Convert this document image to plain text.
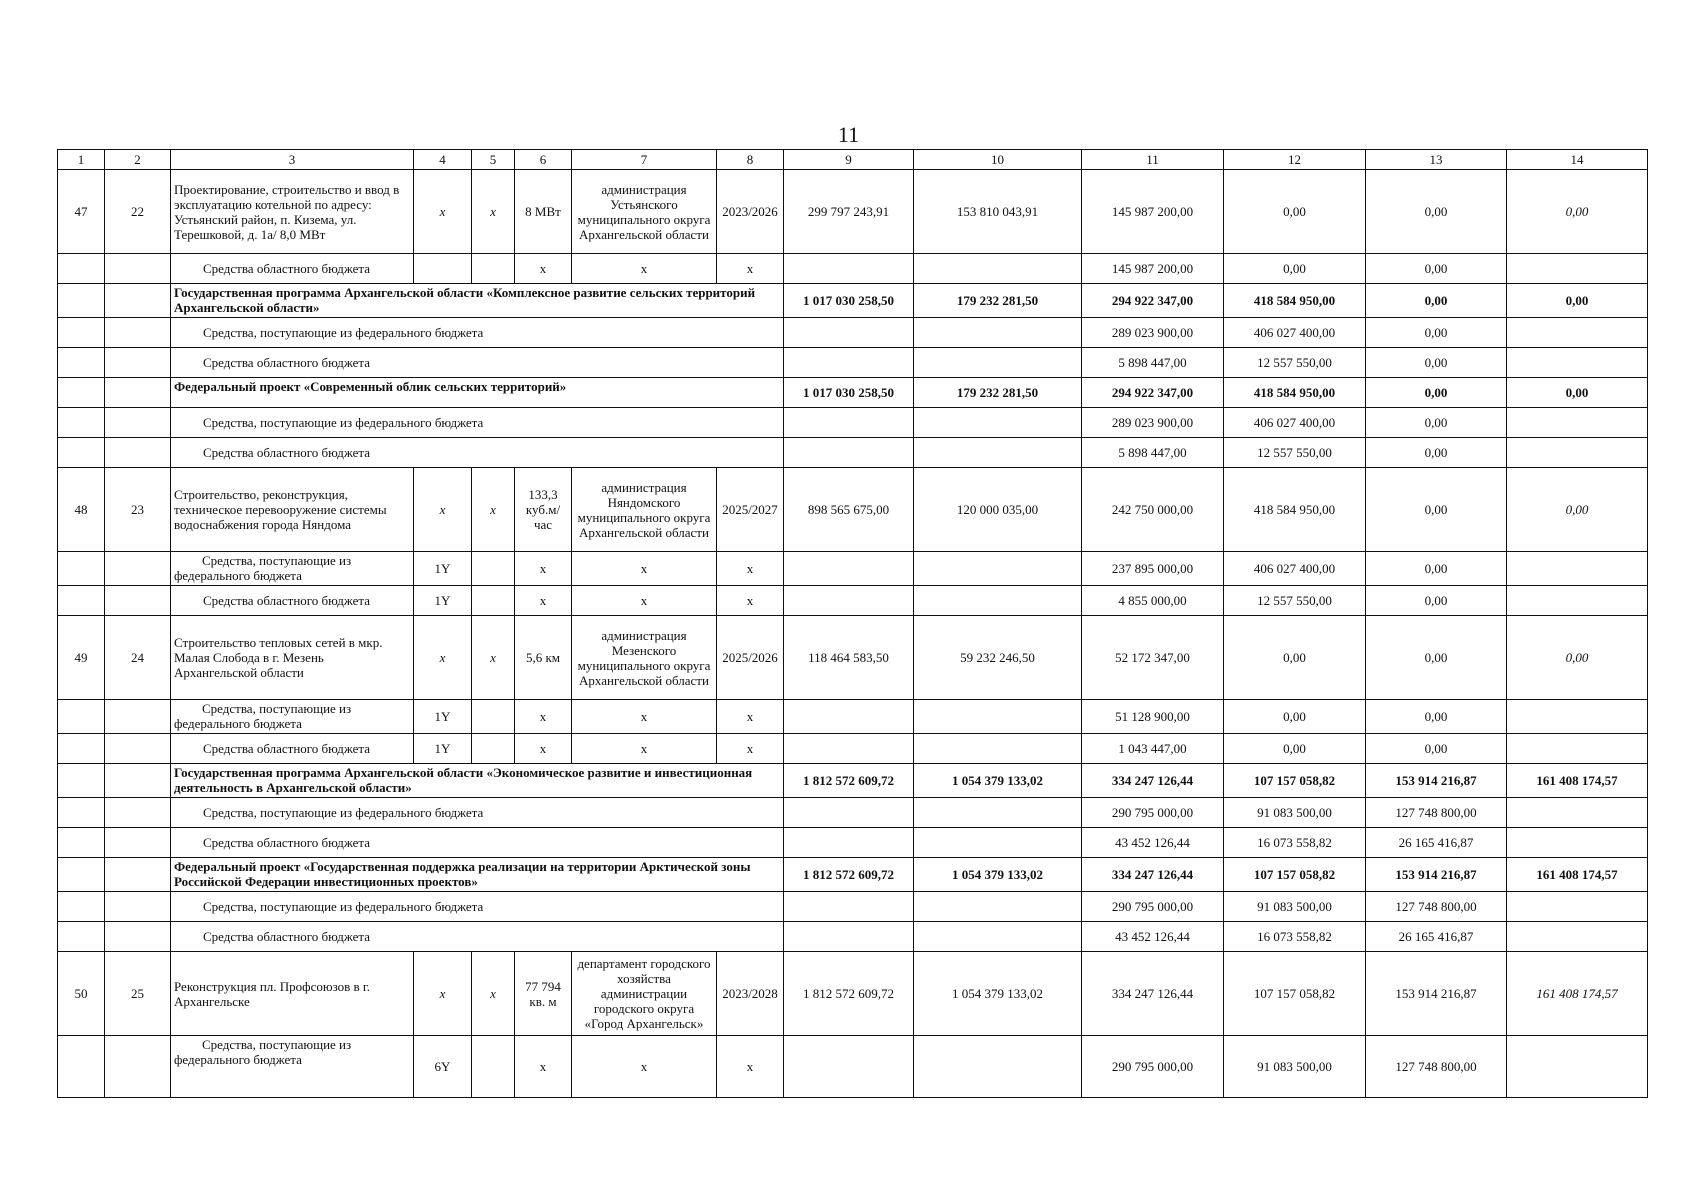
11
1	2	3	4	5	6	7	8	9	10	11	12	13	14
47	22	Проектирование, строительство и ввод в эксплуатацию котельной по адресу: Устьянский район, п. Кизема, ул. Терешковой, д. 1а/ 8,0 МВт	x	x	8 МВт	администрация Устьянского муниципального округа Архангельской области	2023/2026	299 797 243,91	153 810 043,91	145 987 200,00	0,00	0,00	0,00
		Средства областного бюджета			x	x	x			145 987 200,00	0,00	0,00	
		Государственная программа Архангельской области «Комплексное развитие сельских территорий Архангельской области»						1 017 030 258,50	179 232 281,50	294 922 347,00	418 584 950,00	0,00	0,00
		Средства, поступающие из федерального бюджета								289 023 900,00	406 027 400,00	0,00	
		Средства областного бюджета								5 898 447,00	12 557 550,00	0,00	
		Федеральный проект «Современный облик сельских территорий»						1 017 030 258,50	179 232 281,50	294 922 347,00	418 584 950,00	0,00	0,00
		Средства, поступающие из федерального бюджета								289 023 900,00	406 027 400,00	0,00	
		Средства областного бюджета								5 898 447,00	12 557 550,00	0,00	
48	23	Строительство, реконструкция, техническое перевооружение системы водоснабжения города Няндома	x	x	133,3 куб.м/час	администрация Няндомского муниципального округа Архангельской области	2025/2027	898 565 675,00	120 000 035,00	242 750 000,00	418 584 950,00	0,00	0,00
		Средства, поступающие из федерального бюджета	1Y		x	x	x			237 895 000,00	406 027 400,00	0,00	
		Средства областного бюджета	1Y		x	x	x			4 855 000,00	12 557 550,00	0,00	
49	24	Строительство тепловых сетей в мкр. Малая Слобода в г. Мезень Архангельской области	x	x	5,6 км	администрация Мезенского муниципального округа Архангельской области	2025/2026	118 464 583,50	59 232 246,50	52 172 347,00	0,00	0,00	0,00
		Средства, поступающие из федерального бюджета	1Y		x	x	x			51 128 900,00	0,00	0,00	
		Средства областного бюджета	1Y		x	x	x			1 043 447,00	0,00	0,00	
		Государственная программа Архангельской области «Экономическое развитие и инвестиционная деятельность в Архангельской области»						1 812 572 609,72	1 054 379 133,02	334 247 126,44	107 157 058,82	153 914 216,87	161 408 174,57
		Средства, поступающие из федерального бюджета								290 795 000,00	91 083 500,00	127 748 800,00	
		Средства областного бюджета								43 452 126,44	16 073 558,82	26 165 416,87	
		Федеральный проект «Государственная поддержка реализации на территории Арктической зоны Российской Федерации инвестиционных проектов»						1 812 572 609,72	1 054 379 133,02	334 247 126,44	107 157 058,82	153 914 216,87	161 408 174,57
		Средства, поступающие из федерального бюджета								290 795 000,00	91 083 500,00	127 748 800,00	
		Средства областного бюджета								43 452 126,44	16 073 558,82	26 165 416,87	
50	25	Реконструкция пл. Профсоюзов в г. Архангельске	x	x	77 794 кв. м	департамент городского хозяйства администрации городского округа «Город Архангельск»	2023/2028	1 812 572 609,72	1 054 379 133,02	334 247 126,44	107 157 058,82	153 914 216,87	161 408 174,57
		Средства, поступающие из федерального бюджета	6Y		x	x	x			290 795 000,00	91 083 500,00	127 748 800,00	
